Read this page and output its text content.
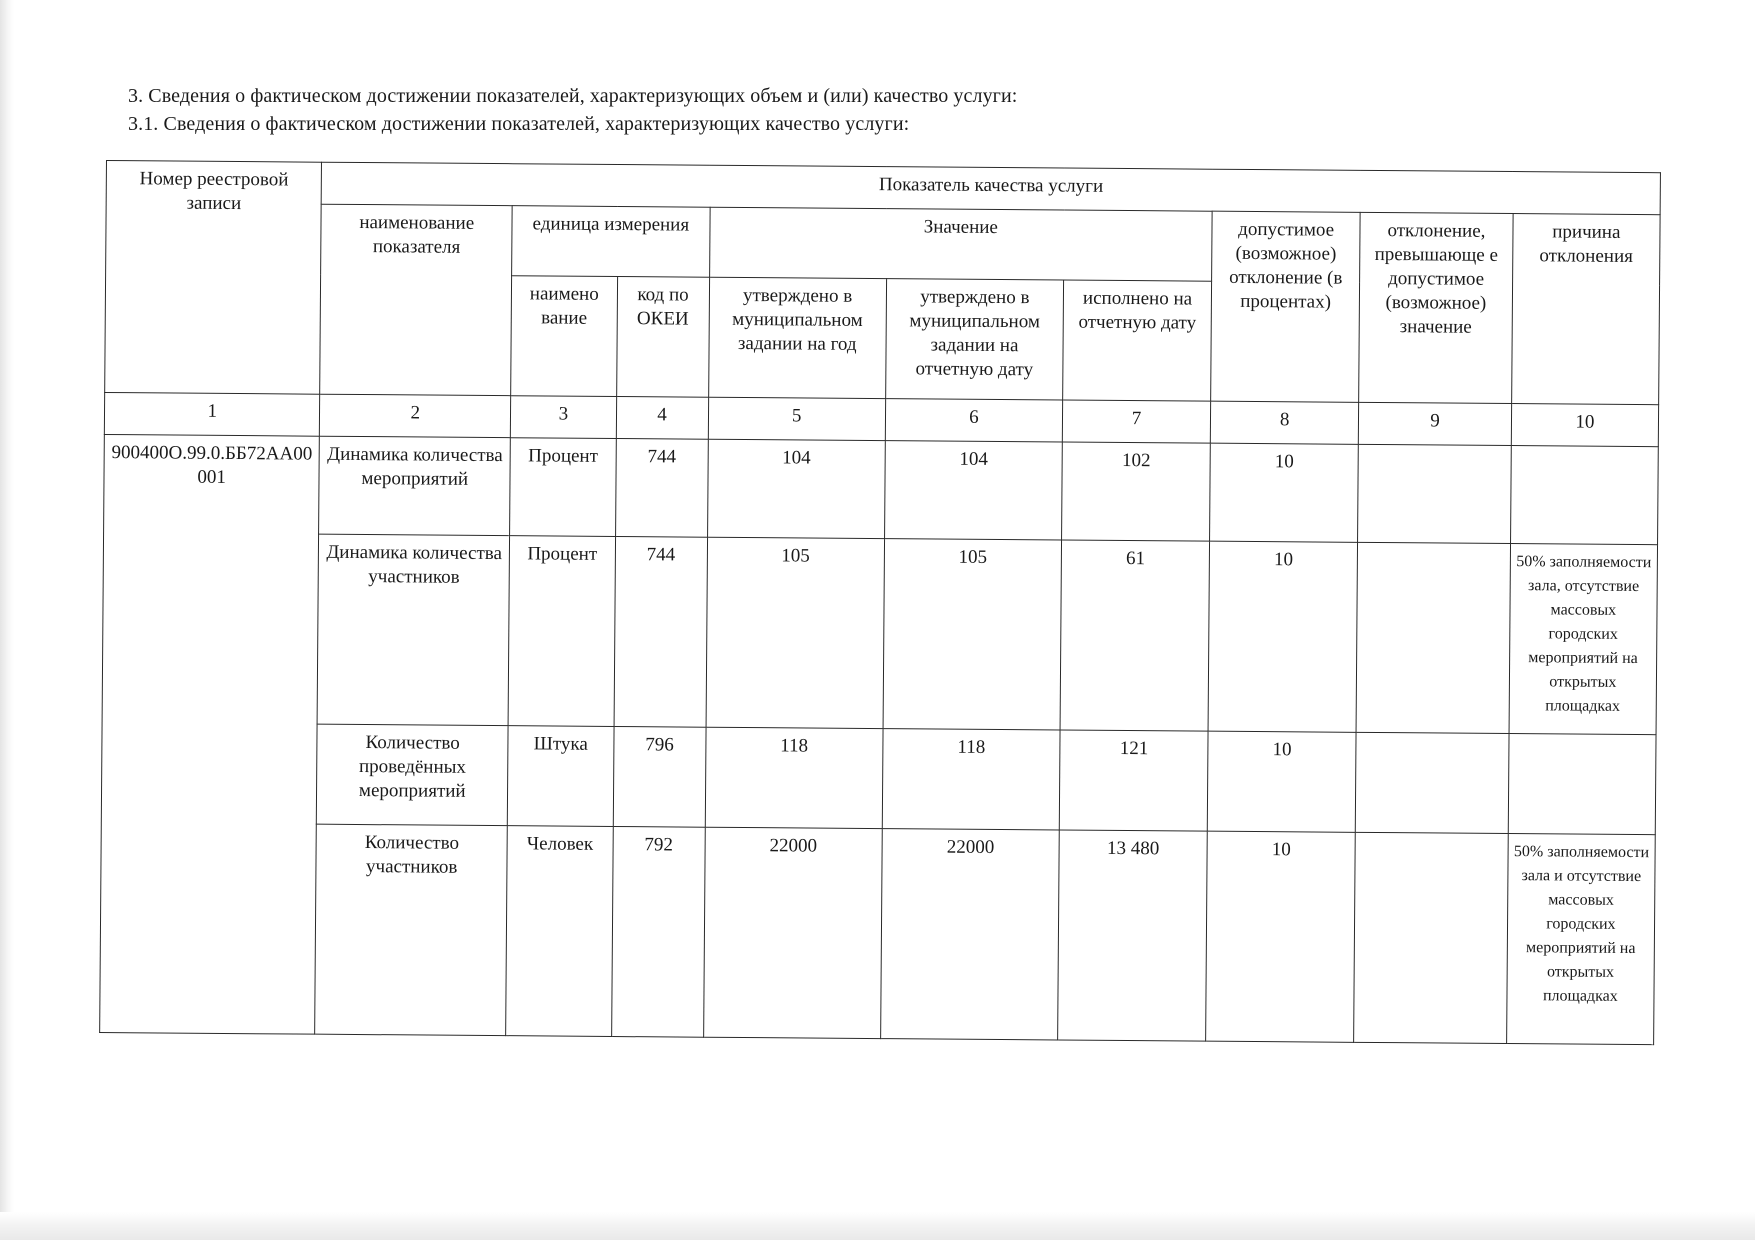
3. Сведения о фактическом достижении показателей, характеризующих объем и (или) качество услуги:
3.1. Сведения о фактическом достижении показателей, характеризующих качество услуги:
Номер реестровой записи	Показатель качества услуги								
	наименование показателя	единица измерения		Значение			допустимое (возможное) отклонение (в процентах)	отклонение, превышающе е допустимое (возможное) значение	причина отклонения
		наимено вание	код по ОКЕИ	утверждено в муниципальном задании на год	утверждено в муниципальном задании на отчетную дату	исполнено на отчетную дату			
1	2	3	4	5	6	7	8	9	10
900400О.99.0.ББ72АА00001	Динамика количества мероприятий	Процент	744	104	104	102	10		
	Динамика количества участников	Процент	744	105	105	61	10		50% заполняемости зала, отсутствие массовых городских мероприятий на открытых площадках
	Количество проведённых мероприятий	Штука	796	118	118	121	10		
	Количество участников	Человек	792	22000	22000	13 480	10		50% заполняемости зала и отсутствие массовых городских мероприятий на открытых площадках
